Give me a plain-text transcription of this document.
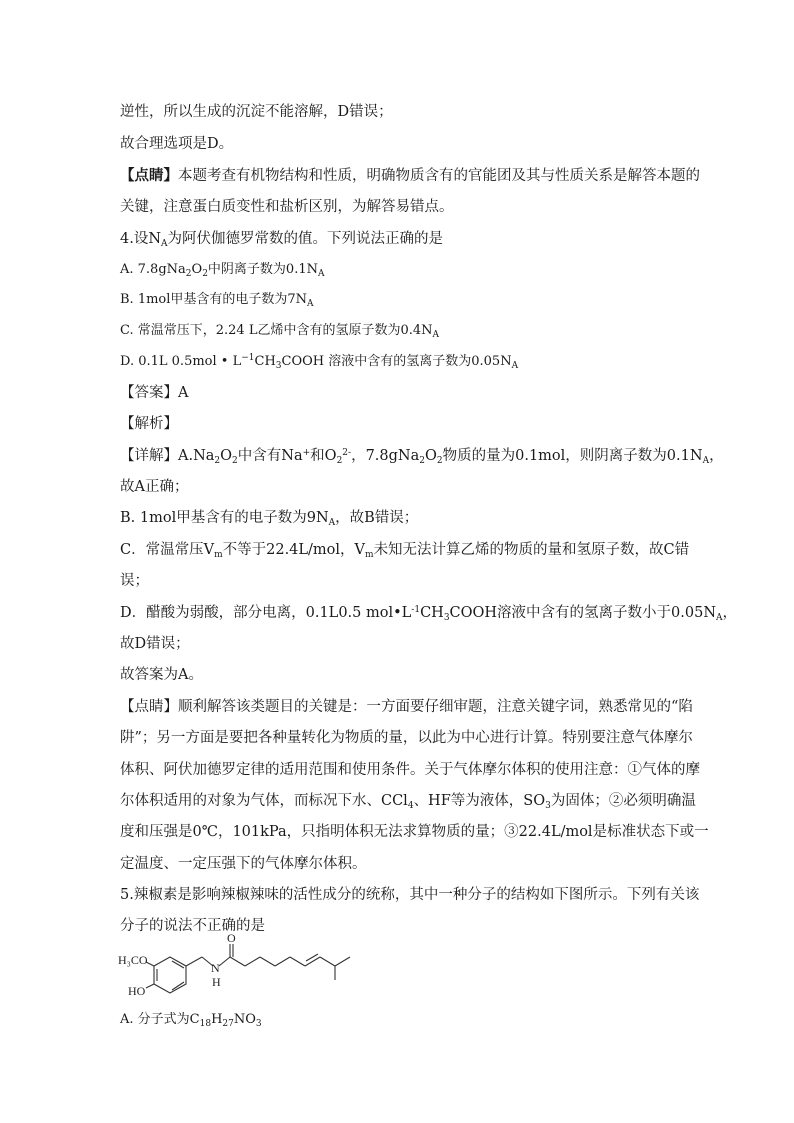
逆性，所以生成的沉淀不能溶解，D错误；
故合理选项是D。
【点睛】本题考查有机物结构和性质，明确物质含有的官能团及其与性质关系是解答本题的
关键，注意蛋白质变性和盐析区别，为解答易错点。
4.设$N_A$为阿伏伽德罗常数的值。下列说法正确的是
A. $7.8gNa_2O_2$中阴离子数为$0.1N_A$
B. 1mol甲基含有的电子数为$7N_A$
C. 常温常压下，2.24 L乙烯中含有的氢原子数为$0.4N_A$
D. 0.1L 0.5mol • $L^{-1}CH_3COOH$ 溶液中含有的氢离子数为$0.05N_A$
【答案】A
【解析】
【详解】$A.Na_2O_2$中含有Na+和$O_2^{2-}$，$7.8gNa_2O_2$物质的量为0.1mol，则阴离子数为$0.1N_A$，
故A正确；
B. 1mol甲基含有的电子数为$9N_A$，故B错误；
C．常温常压$V_m$不等于22.4L/mol，$V_m$未知无法计算乙烯的物质的量和氢原子数，故C错
误；
D．醋酸为弱酸，部分电离，0.1L0.5 $mol•L^{-1}CH_3COOH$溶液中含有的氢离子数小于$0.05N_A$，
故D错误；
故答案为A。
【点睛】顺利解答该类题目的关键是：一方面要仔细审题，注意关键字词，熟悉常见的“陷
阱”；另一方面是要把各种量转化为物质的量，以此为中心进行计算。特别要注意气体摩尔
体积、阿伏加德罗定律的适用范围和使用条件。关于气体摩尔体积的使用注意：①气体的摩
尔体积适用的对象为气体，而标况下水、CCl$_4$、HF等为液体，$SO_3$为固体；②必须明确温
度和压强是0℃，101kPa，只指明体积无法求算物质的量；③22.4L/mol是标准状态下或一
定温度、一定压强下的气体摩尔体积。
5.辣椒素是影响辣椒辣味的活性成分的统称，其中一种分子的结构如下图所示。下列有关该
分子的说法不正确的是
H₃CO
HO
O
N
H
A. 分子式为$C_{18}H_{27}NO_3$
